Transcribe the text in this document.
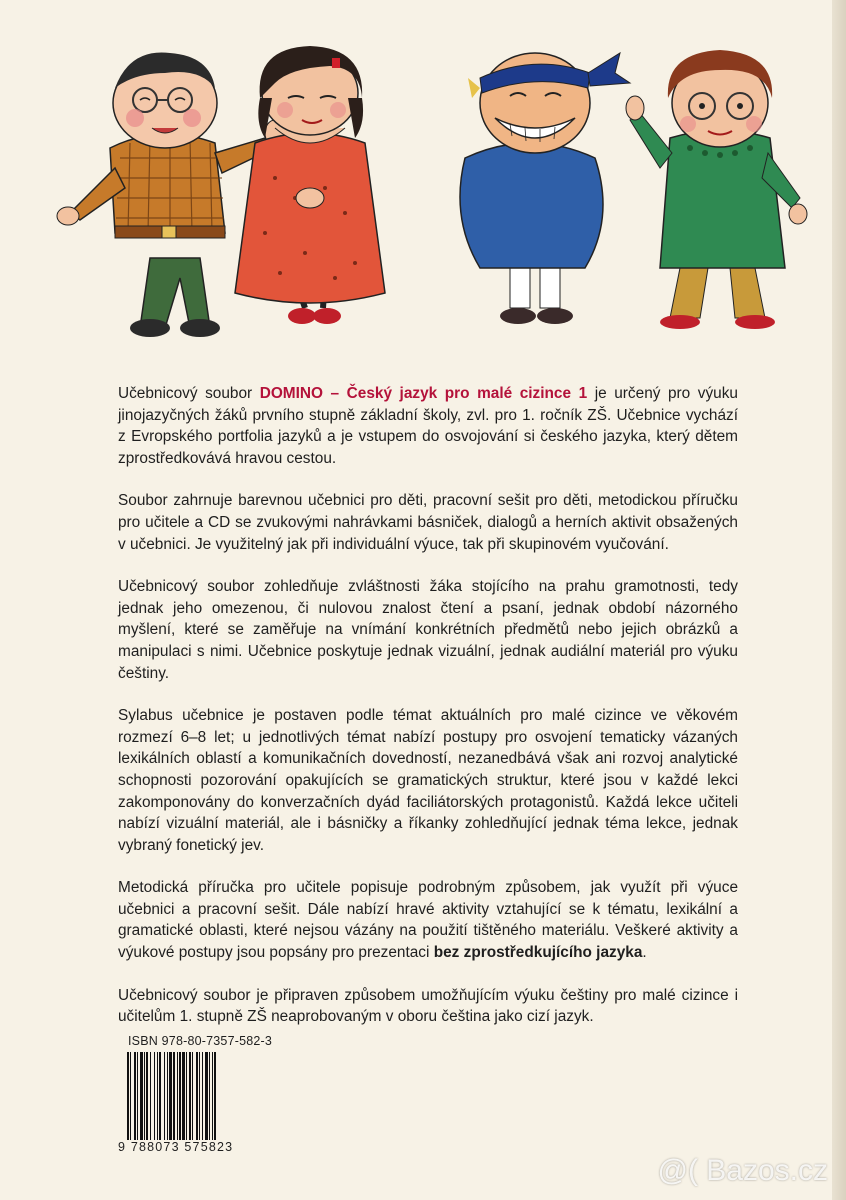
Učebnicový soubor DOMINO – Český jazyk pro malé cizince 1 je určený pro výuku jinojazyčných žáků prvního stupně základní školy, zvl. pro 1. ročník ZŠ. Učebnice vychází z Evropského portfolia jazyků a je vstupem do osvojování si českého jazyka, který dětem zprostředkovává hravou cestou.

Soubor zahrnuje barevnou učebnici pro děti, pracovní sešit pro děti, metodickou příručku pro učitele a CD se zvukovými nahrávkami básniček, dialogů a herních aktivit obsažených v učebnici. Je využitelný jak při individuální výuce, tak při skupinovém vyučování.

Učebnicový soubor zohledňuje zvláštnosti žáka stojícího na prahu gramotnosti, tedy jednak jeho omezenou, či nulovou znalost čtení a psaní, jednak období názorného myšlení, které se zaměřuje na vnímání konkrétních předmětů nebo jejich obrázků a manipulaci s nimi. Učebnice poskytuje jednak vizuální, jednak audiální materiál pro výuku češtiny.

Sylabus učebnice je postaven podle témat aktuálních pro malé cizince ve věkovém rozmezí 6–8 let; u jednotlivých témat nabízí postupy pro osvojení tematicky vázaných lexikálních oblastí a komunikačních dovedností, nezanedbává však ani rozvoj analytické schopnosti pozorování opakujících se gramatických struktur, které jsou v každé lekci zakomponovány do konverzačních dyád faciliátorských protagonistů. Každá lekce učiteli nabízí vizuální materiál, ale i básničky a říkanky zohledňující jednak téma lekce, jednak vybraný fonetický jev.

Metodická příručka pro učitele popisuje podrobným způsobem, jak využít při výuce učebnici a pracovní sešit. Dále nabízí hravé aktivity vztahující se k tématu, lexikální a gramatické oblasti, které nejsou vázány na použití tištěného materiálu. Veškeré aktivity a výukové postupy jsou popsány pro prezentaci bez zprostředkujícího jazyka.

Učebnicový soubor je připraven způsobem umožňujícím výuku češtiny pro malé cizince i učitelům 1. stupně ZŠ neaprobovaným v oboru čeština jako cizí jazyk.

ISBN 978-80-7357-582-3
9 788073 575823
@( Bazos.cz
